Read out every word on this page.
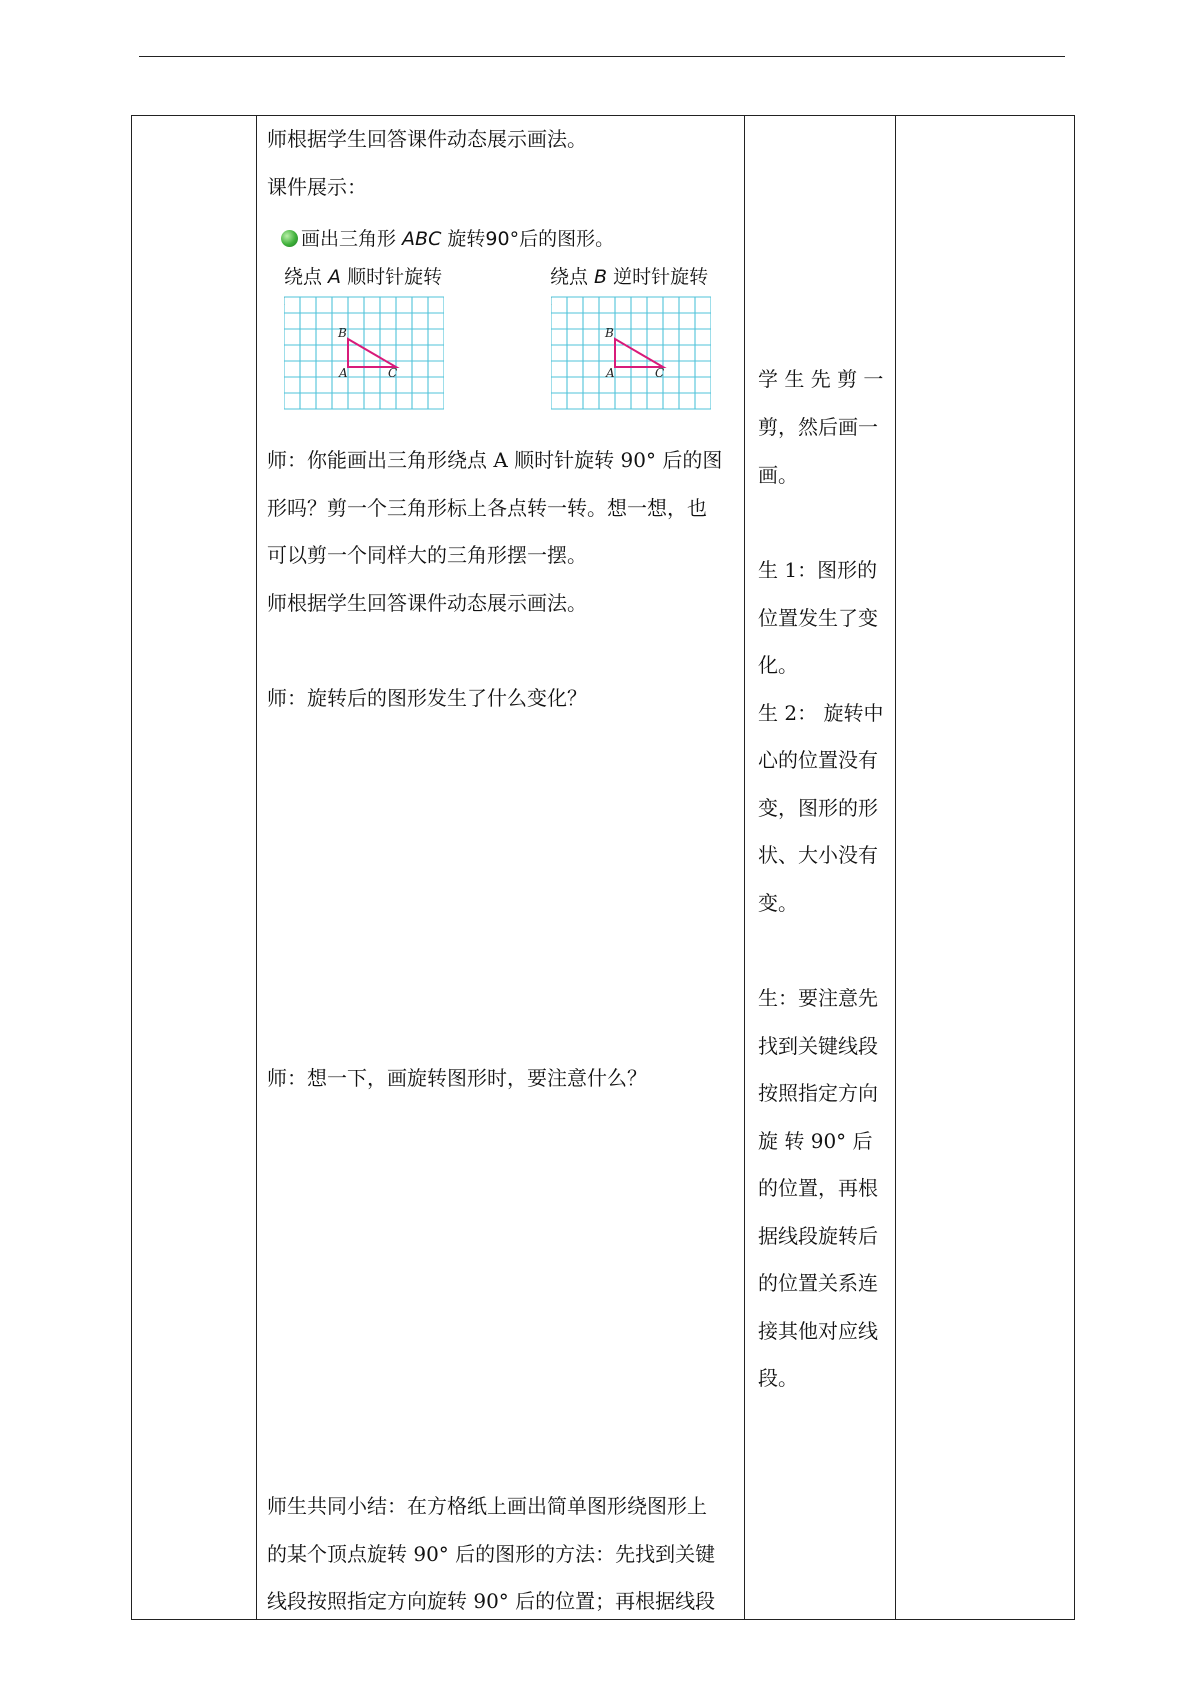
师根据学生回答课件动态展示画法。
课件展示：
画出三角形 ABC 旋转90°后的图形。
绕点 A 顺时针旋转	绕点 B 逆时针旋转
B
A	C
B
A	C
师：你能画出三角形绕点 A 顺时针旋转 90° 后的图
形吗？剪一个三角形标上各点转一转。想一想，也
可以剪一个同样大的三角形摆一摆。
师根据学生回答课件动态展示画法。
师：旋转后的图形发生了什么变化？
师：想一下，画旋转图形时，要注意什么？
师生共同小结：在方格纸上画出简单图形绕图形上
的某个顶点旋转 90° 后的图形的方法：先找到关键
线段按照指定方向旋转 90° 后的位置；再根据线段
学 生 先 剪 一
剪，然后画一
画。
生 1：图形的
位置发生了变
化。
生 2： 旋转中
心的位置没有
变，图形的形
状、大小没有
变。
生：要注意先
找到关键线段
按照指定方向
旋 转 90° 后
的位置，再根
据线段旋转后
的位置关系连
接其他对应线
段。
